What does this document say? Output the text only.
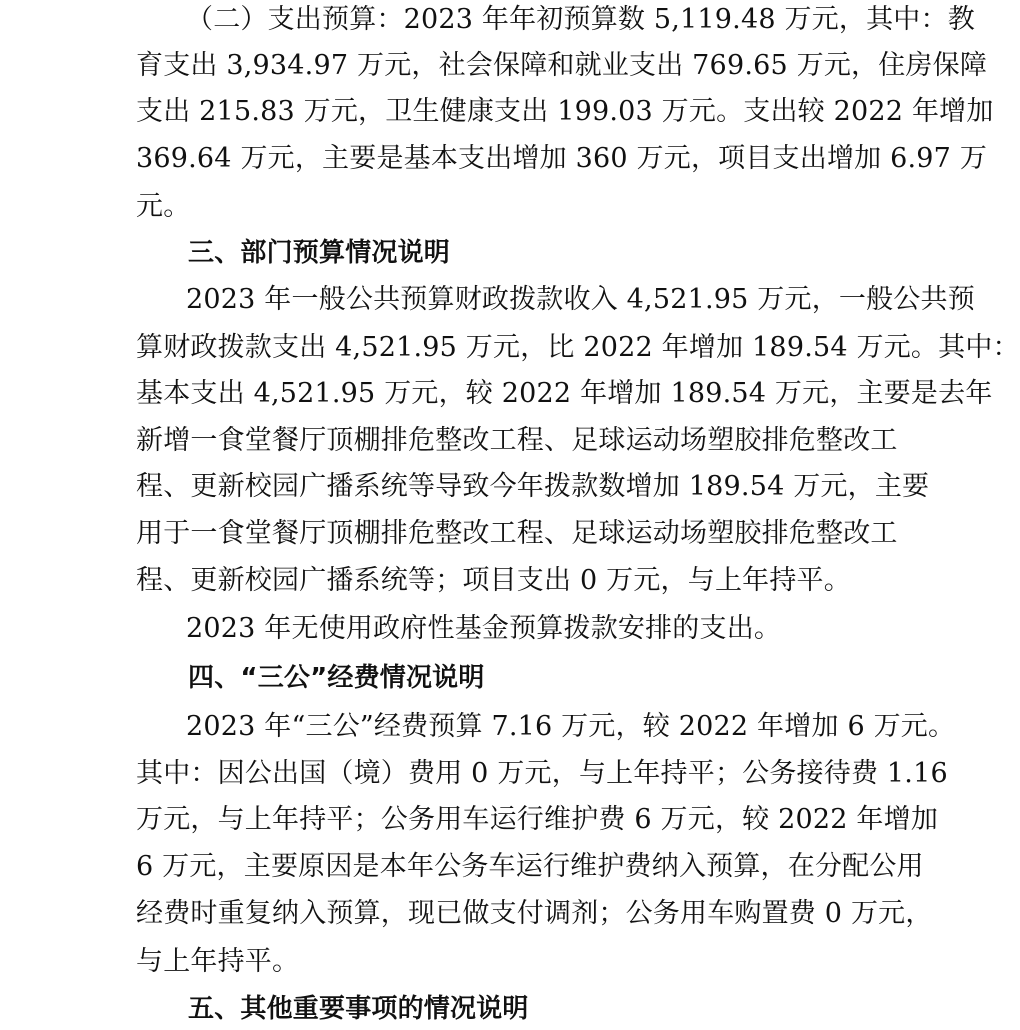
（二）支出预算：2023 年年初预算数 5,119.48 万元，其中：教
育支出 3,934.97 万元，社会保障和就业支出 769.65 万元，住房保障
支出 215.83 万元，卫生健康支出 199.03 万元。支出较 2022 年增加
369.64 万元，主要是基本支出增加 360 万元，项目支出增加 6.97 万
元。
三、部门预算情况说明
2023 年一般公共预算财政拨款收入 4,521.95 万元，一般公共预
算财政拨款支出 4,521.95 万元，比 2022 年增加 189.54 万元。其中：
基本支出 4,521.95 万元，较 2022 年增加 189.54 万元，主要是去年
新增一食堂餐厅顶棚排危整改工程、足球运动场塑胶排危整改工
程、更新校园广播系统等导致今年拨款数增加 189.54 万元，主要
用于一食堂餐厅顶棚排危整改工程、足球运动场塑胶排危整改工
程、更新校园广播系统等；项目支出 0 万元，与上年持平。
2023 年无使用政府性基金预算拨款安排的支出。
四、“三公”经费情况说明
2023 年“三公”经费预算 7.16 万元，较 2022 年增加 6 万元。
其中：因公出国（境）费用 0 万元，与上年持平；公务接待费 1.16
万元，与上年持平；公务用车运行维护费 6 万元，较 2022 年增加
6 万元，主要原因是本年公务车运行维护费纳入预算，在分配公用
经费时重复纳入预算，现已做支付调剂；公务用车购置费 0 万元，
与上年持平。
五、其他重要事项的情况说明
